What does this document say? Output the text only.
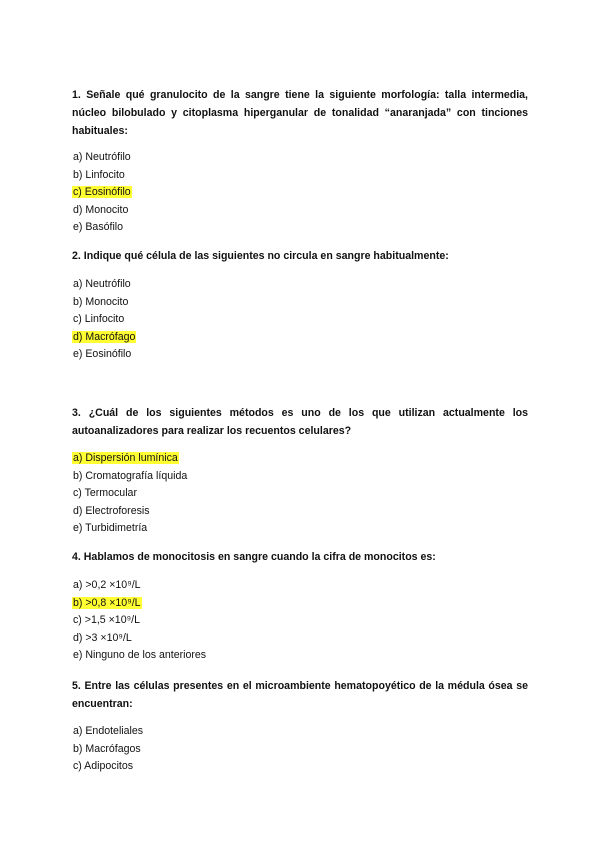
1. Señale qué granulocito de la sangre tiene la siguiente morfología: talla intermedia, núcleo bilobulado y citoplasma hiperganular de tonalidad “anaranjada” con tinciones habituales:

a) Neutrófilo
b) Linfocito
c) Eosinófilo
d) Monocito
e) Basófilo

2. Indique qué célula de las siguientes no circula en sangre habitualmente:

a) Neutrófilo
b) Monocito
c) Linfocito
d) Macrófago
e) Eosinófilo

3. ¿Cuál de los siguientes métodos es uno de los que utilizan actualmente los autoanalizadores para realizar los recuentos celulares?

a) Dispersión lumínica
b) Cromatografía líquida
c) Termocular
d) Electroforesis
e) Turbidimetría

4. Hablamos de monocitosis en sangre cuando la cifra de monocitos es:

a) >0,2 ×10⁹/L
b) >0,8 ×10⁹/L
c) >1,5 ×10⁹/L
d) >3 ×10⁹/L
e) Ninguno de los anteriores

5. Entre las células presentes en el microambiente hematopoyético de la médula ósea se encuentran:

a) Endoteliales
b) Macrófagos
c) Adipocitos
